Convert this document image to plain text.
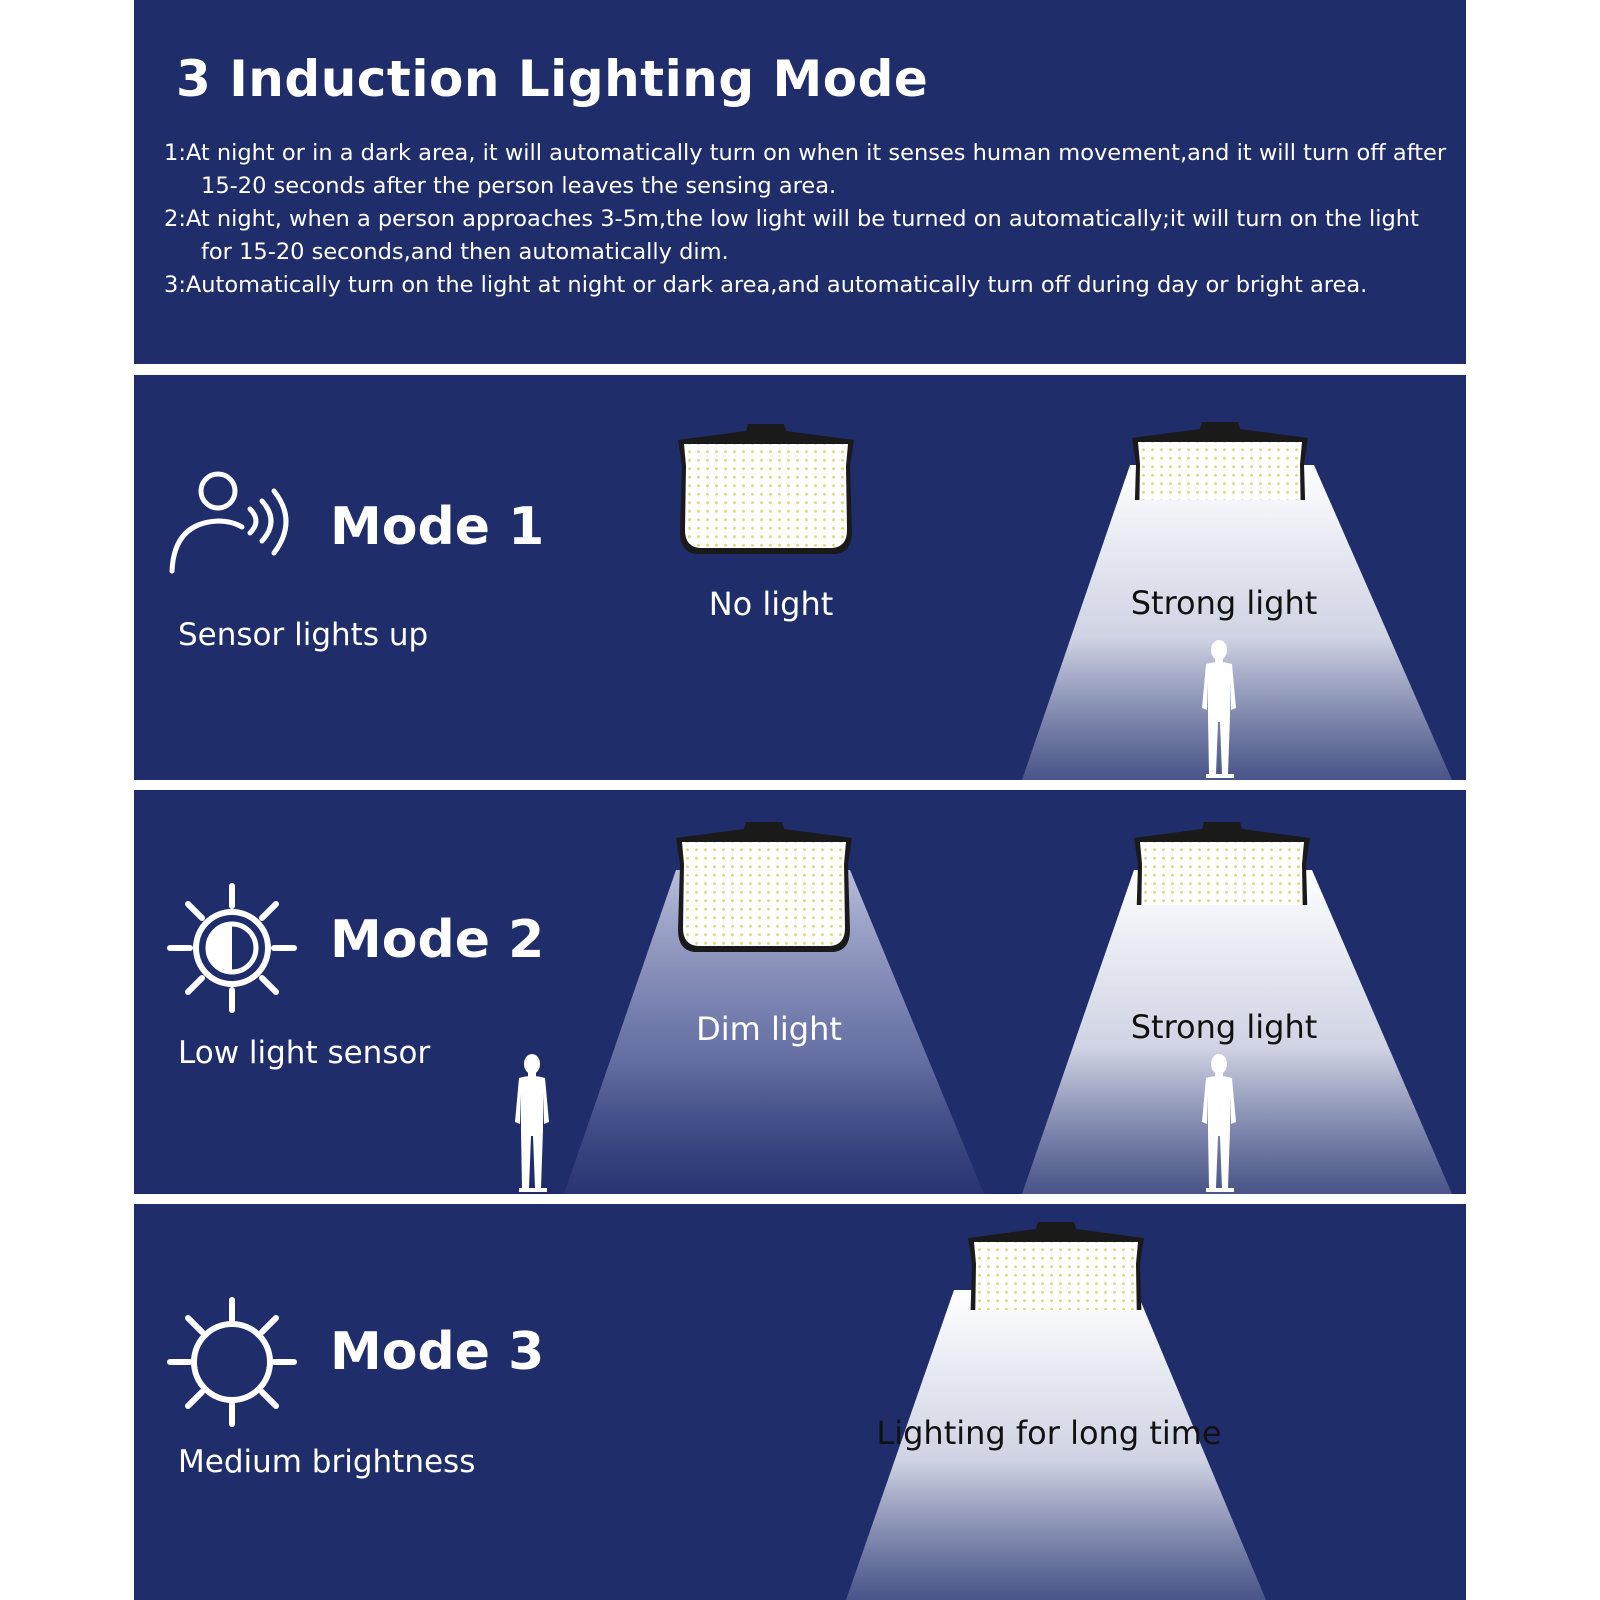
3 Induction Lighting Mode
1:At night or in a dark area, it will automatically turn on when it senses human movement,and it will turn off after 15-20 seconds after the person leaves the sensing area.
2:At night, when a person approaches 3-5m,the low light will be turned on automatically;it will turn on the light for 15-20 seconds,and then automatically dim.
3:Automatically turn on the light at night or dark area,and automatically turn off during day or bright area.
Mode 1
Sensor lights up
No light	Strong light
Mode 2
Low light sensor
Dim light	Strong light
Mode 3
Medium brightness
Lighting for long time
